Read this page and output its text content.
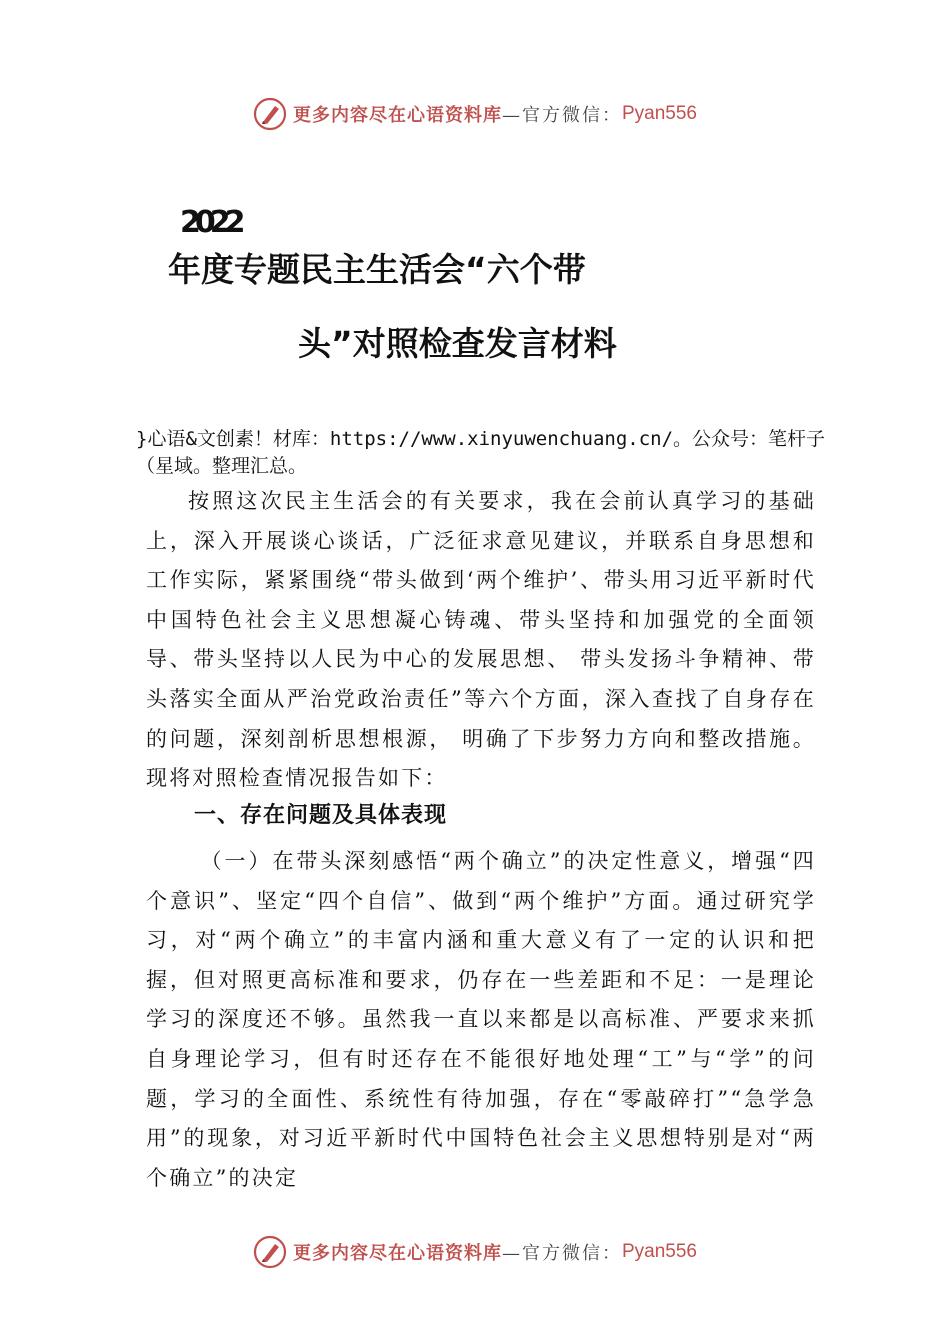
更多内容尽在心语资料库 —官方微信： Pyan556
2022
年度专题民主生活会“六个带
头”对照检查发言材料
}心语&文创素！材库：https://www.xinyuwenchuang.cn/。公众号：笔杆子（星域。整理汇总。

按照这次民主生活会的有关要求，我在会前认真学习的基础上，深入开展谈心谈话，广泛征求意见建议，并联系自身思想和工作实际，紧紧围绕“带头做到‘两个维护’、带头用习近平新时代中国特色社会主义思想凝心铸魂、带头坚持和加强党的全面领导、带头坚持以人民为中心的发展思想、 带头发扬斗争精神、带头落实全面从严治党政治责任”等六个方面，深入查找了自身存在的问题，深刻剖析思想根源， 明确了下步努力方向和整改措施。现将对照检查情况报告如下：

一、存在问题及具体表现

（一）在带头深刻感悟“两个确立”的决定性意义，增强“四个意识”、坚定“四个自信”、做到“两个维护”方面。通过研究学习，对“两个确立”的丰富内涵和重大意义有了一定的认识和把握，但对照更高标准和要求，仍存在一些差距和不足：一是理论学习的深度还不够。虽然我一直以来都是以高标准、严要求来抓自身理论学习，但有时还存在不能很好地处理“工”与“学”的问题，学习的全面性、系统性有待加强，存在“零敲碎打”“急学急用”的现象，对习近平新时代中国特色社会主义思想特别是对“两个确立”的决定

更多内容尽在心语资料库 —官方微信： Pyan556
